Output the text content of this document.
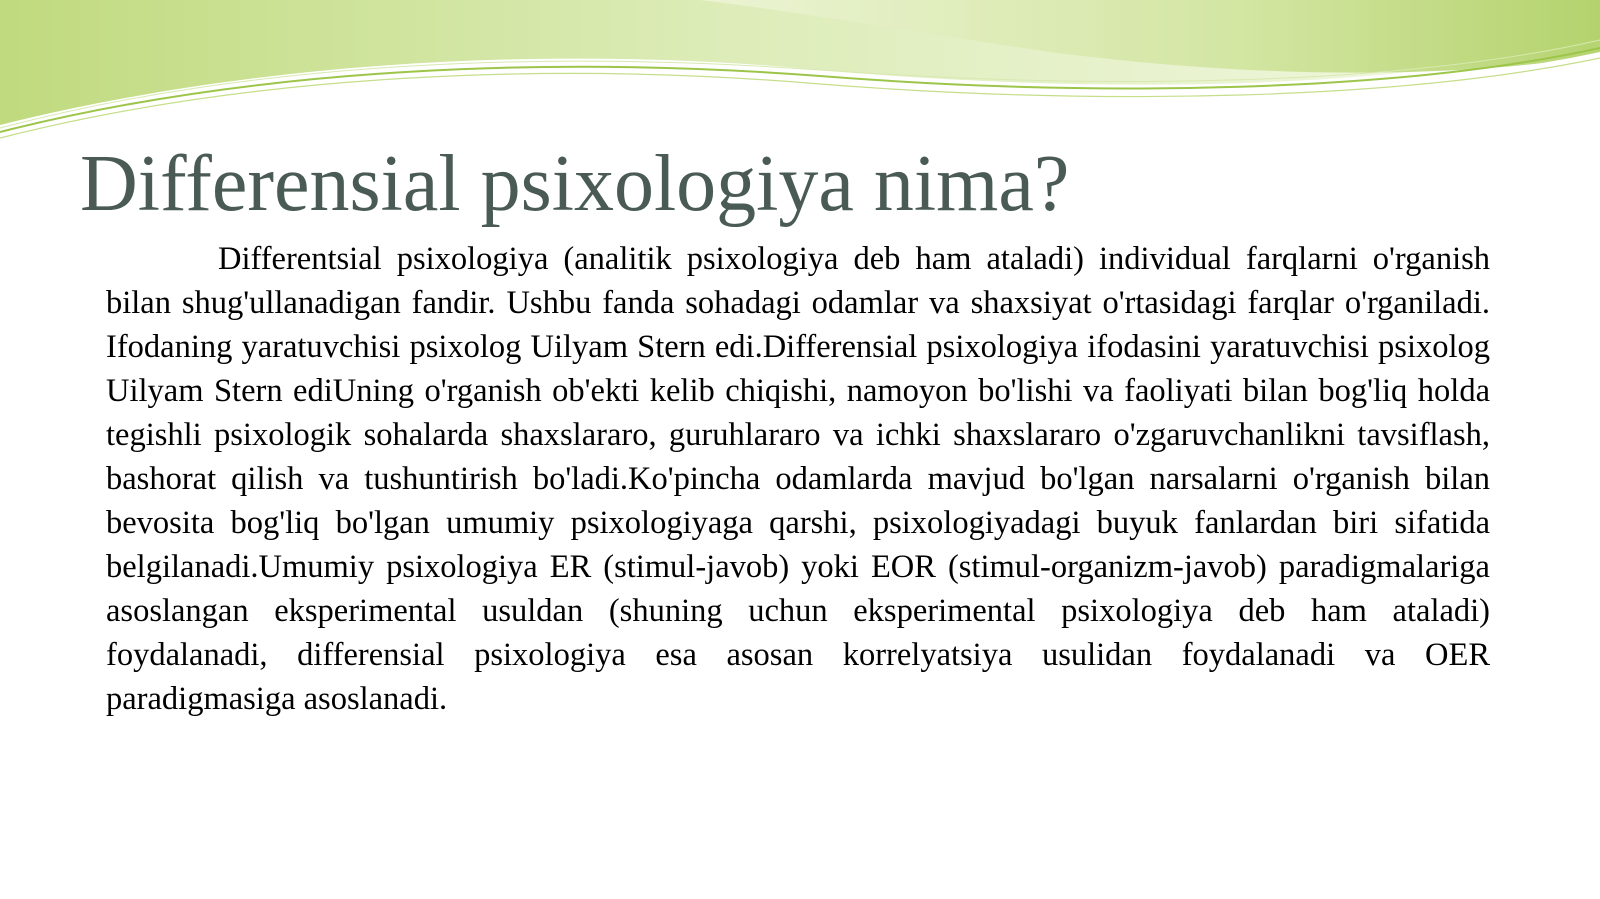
Differensial psixologiya nima?

Differentsial psixologiya (analitik psixologiya deb ham ataladi) individual farqlarni o'rganish bilan shug'ullanadigan fandir. Ushbu fanda sohadagi odamlar va shaxsiyat o'rtasidagi farqlar o'rganiladi. Ifodaning yaratuvchisi psixolog Uilyam Stern edi.Differensial psixologiya ifodasini yaratuvchisi psixolog Uilyam Stern ediUning o'rganish ob'ekti kelib chiqishi, namoyon bo'lishi va faoliyati bilan bog'liq holda tegishli psixologik sohalarda shaxslararo, guruhlararo va ichki shaxslararo o'zgaruvchanlikni tavsiflash, bashorat qilish va tushuntirish bo'ladi.Ko'pincha odamlarda mavjud bo'lgan narsalarni o'rganish bilan bevosita bog'liq bo'lgan umumiy psixologiyaga qarshi, psixologiyadagi buyuk fanlardan biri sifatida belgilanadi.Umumiy psixologiya ER (stimul-javob) yoki EOR (stimul-organizm-javob) paradigmalariga asoslangan eksperimental usuldan (shuning uchun eksperimental psixologiya deb ham ataladi) foydalanadi, differensial psixologiya esa asosan korrelyatsiya usulidan foydalanadi va OER paradigmasiga asoslanadi.
